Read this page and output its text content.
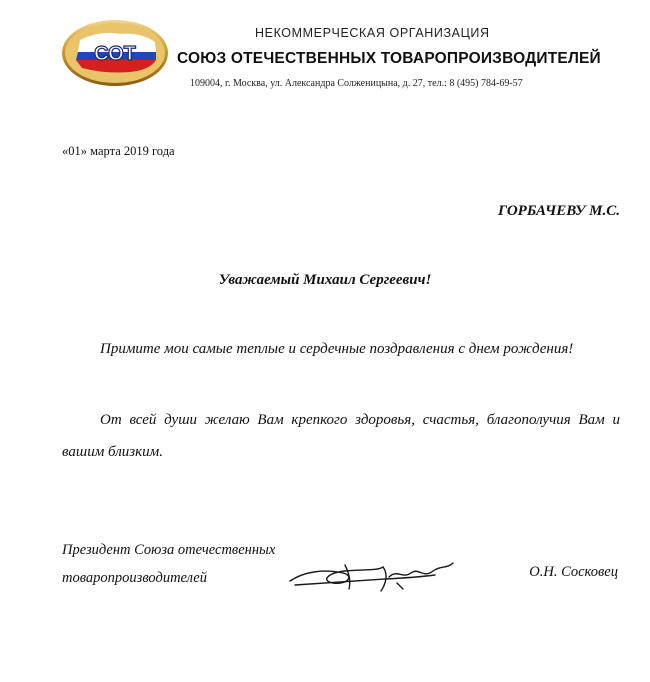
СОТ
НЕКОММЕРЧЕСКАЯ ОРГАНИЗАЦИЯ
СОЮЗ ОТЕЧЕСТВЕННЫХ ТОВАРОПРОИЗВОДИТЕЛЕЙ
109004, г. Москва, ул. Александра Солженицына, д. 27, тел.: 8 (495) 784-69-57
«01» марта 2019 года
ГОРБАЧЕВУ М.С.
Уважаемый Михаил Сергеевич!
Примите мои самые теплые и сердечные поздравления с днем рождения!
От всей души желаю Вам крепкого здоровья, счастья, благополучия Вам и вашим близким.
Президент Союза отечественных
товаропроизводителей	О.Н. Сосковец
